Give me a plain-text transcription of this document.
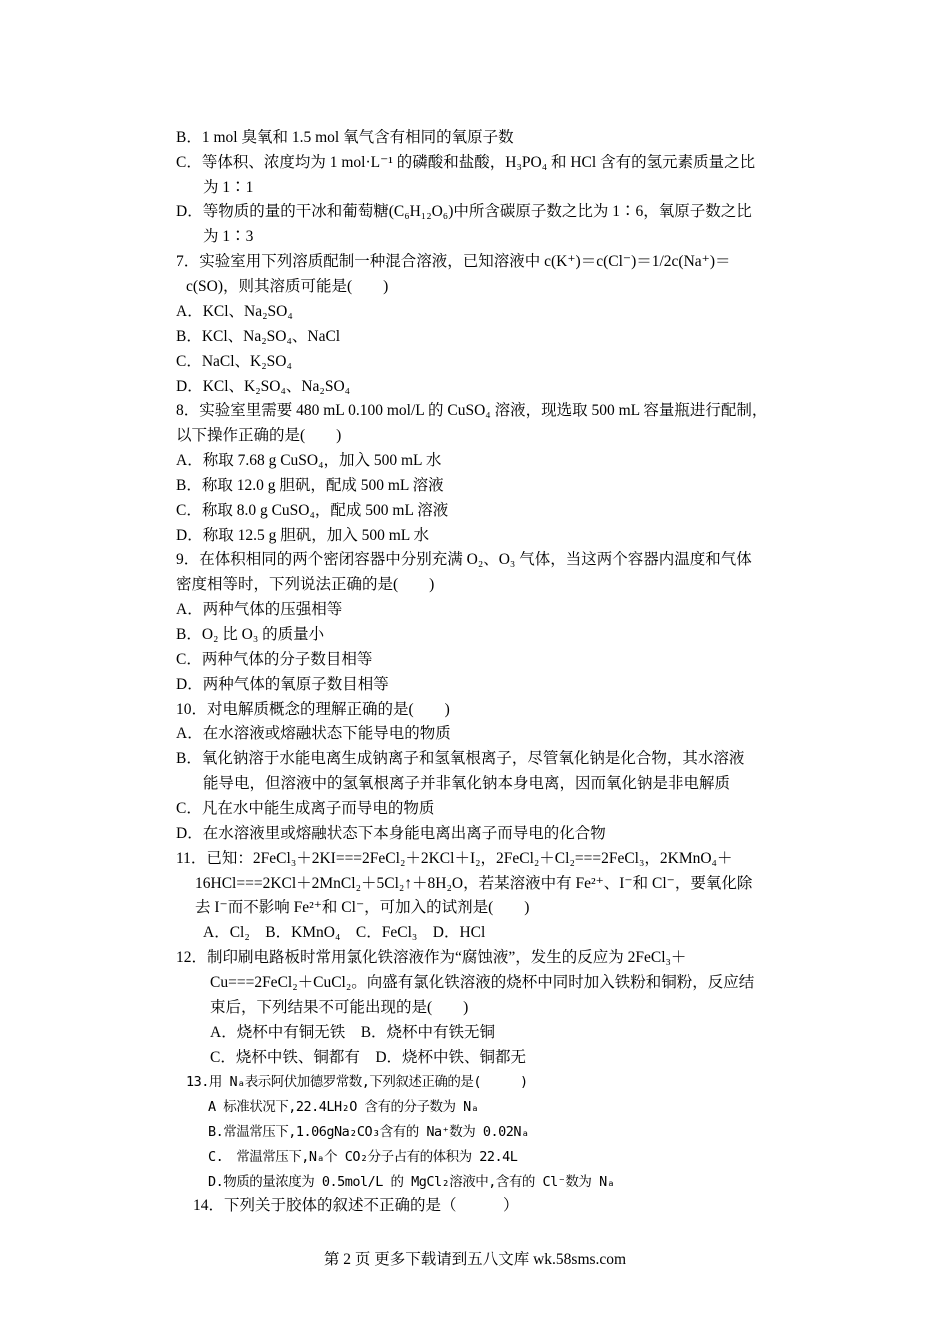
B．1 mol 臭氧和 1.5 mol 氧气含有相同的氧原子数
C．等体积、浓度均为 1 mol·L⁻¹ 的磷酸和盐酸，H₃PO₄ 和 HCl 含有的氢元素质量之比
为 1∶1
D．等物质的量的干冰和葡萄糖(C₆H₁₂O₆)中所含碳原子数之比为 1∶6，氧原子数之比
为 1∶3
7．实验室用下列溶质配制一种混合溶液，已知溶液中 c(K⁺)＝c(Cl⁻)＝1/2c(Na⁺)＝
c(SO)，则其溶质可能是(　　)
A．KCl、Na₂SO₄
B．KCl、Na₂SO₄、NaCl
C．NaCl、K₂SO₄
D．KCl、K₂SO₄、Na₂SO₄
8．实验室里需要 480 mL 0.100 mol/L 的 CuSO₄ 溶液，现选取 500 mL 容量瓶进行配制，
以下操作正确的是(　　)
A．称取 7.68 g CuSO₄，加入 500 mL 水
B．称取 12.0 g 胆矾，配成 500 mL 溶液
C．称取 8.0 g CuSO₄，配成 500 mL 溶液
D．称取 12.5 g 胆矾，加入 500 mL 水
9．在体积相同的两个密闭容器中分别充满 O₂、O₃ 气体，当这两个容器内温度和气体
密度相等时，下列说法正确的是(　　)
A．两种气体的压强相等
B．O₂ 比 O₃ 的质量小
C．两种气体的分子数目相等
D．两种气体的氧原子数目相等
10．对电解质概念的理解正确的是(　　)
A．在水溶液或熔融状态下能导电的物质
B．氧化钠溶于水能电离生成钠离子和氢氧根离子，尽管氧化钠是化合物，其水溶液
能导电，但溶液中的氢氧根离子并非氧化钠本身电离，因而氧化钠是非电解质
C．凡在水中能生成离子而导电的物质
D．在水溶液里或熔融状态下本身能电离出离子而导电的化合物
11．已知：2FeCl₃＋2KI===2FeCl₂＋2KCl＋I₂，2FeCl₂＋Cl₂===2FeCl₃，2KMnO₄＋
16HCl===2KCl＋2MnCl₂＋5Cl₂↑＋8H₂O，若某溶液中有 Fe²⁺、I⁻和 Cl⁻，要氧化除
去 I⁻而不影响 Fe²⁺和 Cl⁻，可加入的试剂是(　　)
A．Cl₂　B．KMnO₄　C．FeCl₃　D．HCl
12．制印刷电路板时常用氯化铁溶液作为“腐蚀液”，发生的反应为 2FeCl₃＋
Cu===2FeCl₂＋CuCl₂。向盛有氯化铁溶液的烧杯中同时加入铁粉和铜粉，反应结
束后，下列结果不可能出现的是(　　)
A．烧杯中有铜无铁　B．烧杯中有铁无铜
C．烧杯中铁、铜都有　D．烧杯中铁、铜都无
13.用 Nₐ表示阿伏加德罗常数,下列叙述正确的是(　　　)
A 标准状况下,22.4LH₂O 含有的分子数为 Nₐ
B.常温常压下,1.06gNa₂CO₃含有的 Na⁺数为 0.02Nₐ
C.　常温常压下,Nₐ个 CO₂分子占有的体积为 22.4L
D.物质的量浓度为 0.5mol/L 的 MgCl₂溶液中,含有的 Cl⁻数为 Nₐ
14．下列关于胶体的叙述不正确的是（　　　）
第 2 页 更多下载请到五八文库 wk.58sms.com
